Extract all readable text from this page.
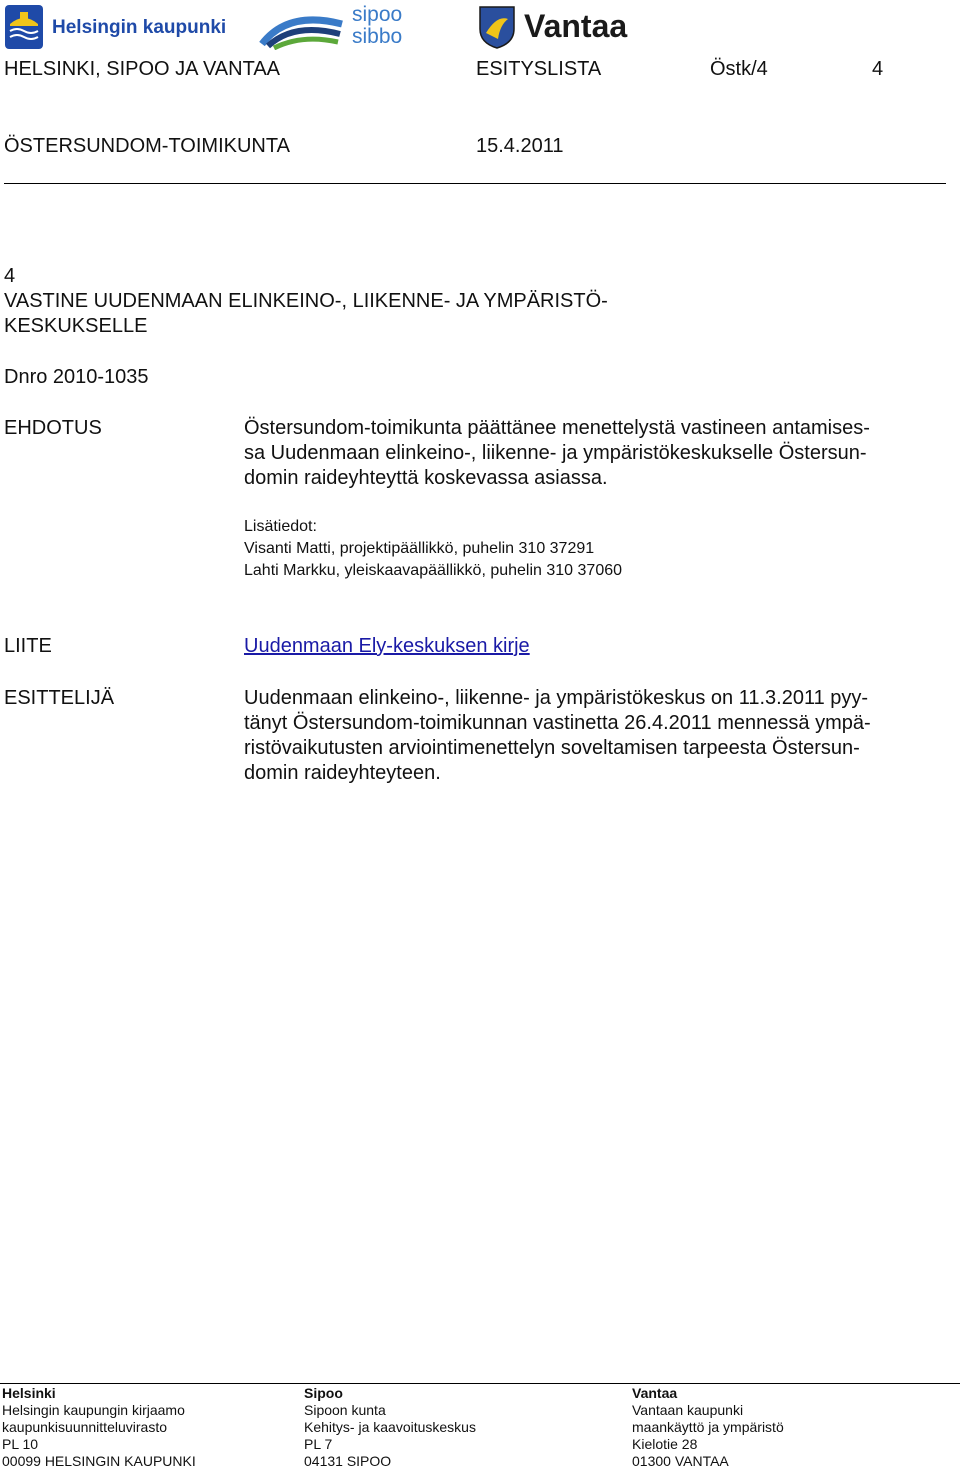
Helsingin kaupunki
sipoo
sibbo	Vantaa
HELSINKI, SIPOO JA VANTAA	ESITYSLISTA	Östk/4	4
ÖSTERSUNDOM-TOIMIKUNTA	15.4.2011
4
VASTINE UUDENMAAN ELINKEINO-, LIIKENNE- JA YMPÄRISTÖ-
KESKUKSELLE
Dnro 2010-1035
EHDOTUS	Östersundom-toimikunta päättänee menettelystä vastineen antamises-
sa Uudenmaan elinkeino-, liikenne- ja ympäristökeskukselle Östersun-
domin raideyhteyttä koskevassa asiassa.
Lisätiedot:
Visanti Matti, projektipäällikkö, puhelin 310 37291
Lahti Markku, yleiskaavapäällikkö, puhelin 310 37060
LIITE	Uudenmaan Ely-keskuksen kirje
ESITTELIJÄ	Uudenmaan elinkeino-, liikenne- ja ympäristökeskus on 11.3.2011 pyy-
tänyt Östersundom-toimikunnan vastinetta 26.4.2011 mennessä ympä-
ristövaikutusten arviointimenettelyn soveltamisen tarpeesta Östersun-
domin raideyhteyteen.
Helsinki
Helsingin kaupungin kirjaamo
kaupunkisuunnitteluvirasto
PL 10
00099 HELSINGIN KAUPUNKI
Sipoo
Sipoon kunta
Kehitys- ja kaavoituskeskus
PL 7
04131 SIPOO
Vantaa
Vantaan kaupunki
maankäyttö ja ympäristö
Kielotie 28
01300 VANTAA
